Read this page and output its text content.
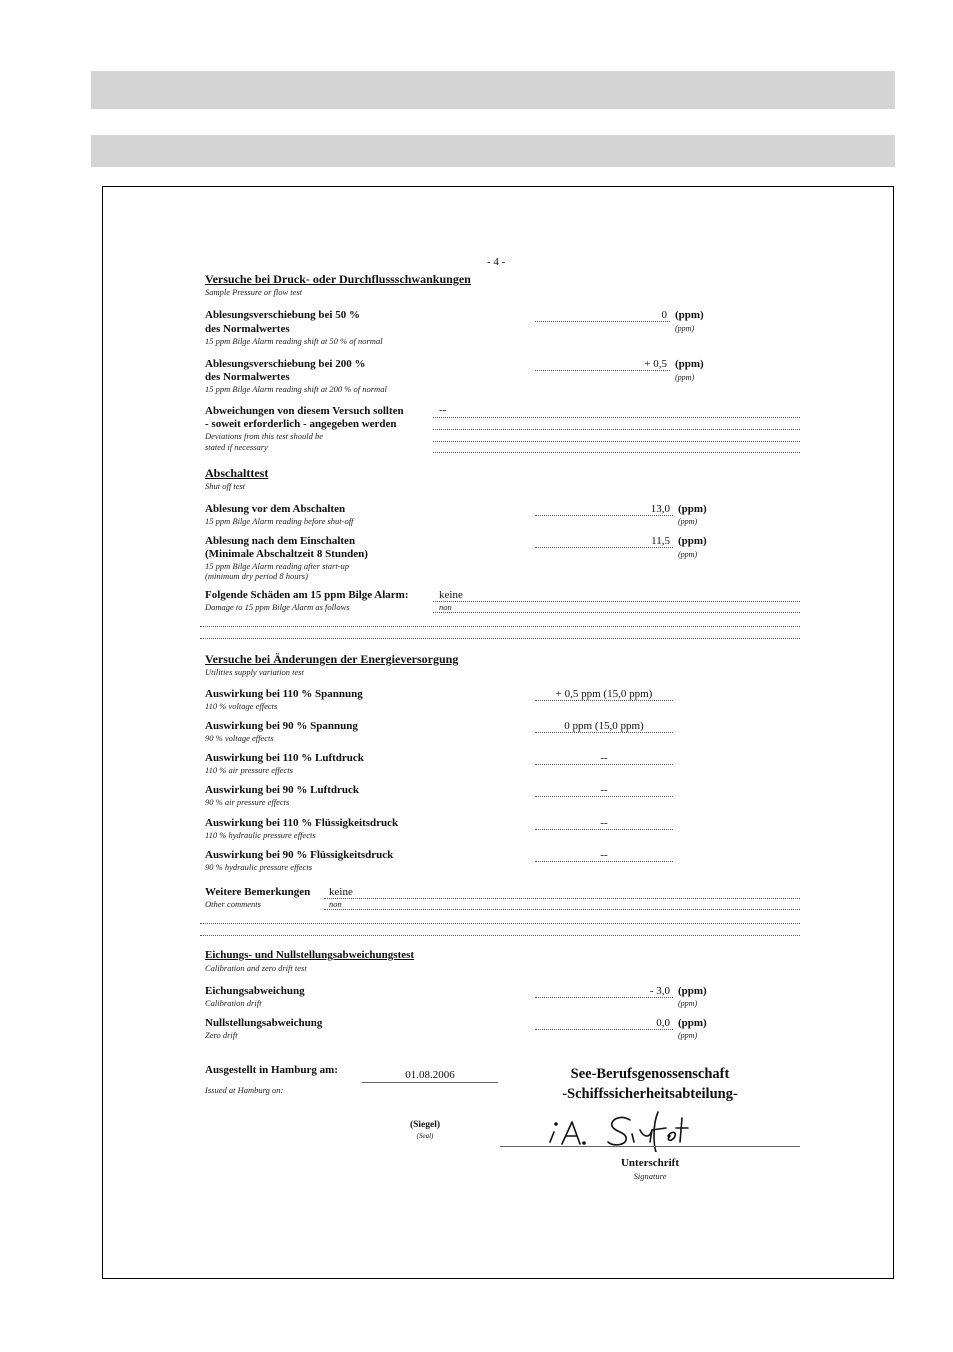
- 4 -
Versuche bei Druck- oder Durchflussschwankungen
Sample Pressure or flow test
Ablesungsverschiebung bei 50 %
des Normalwertes
15 ppm Bilge Alarm reading shift at 50 % of normal
0 (ppm)
(ppm)
Ablesungsverschiebung bei 200 %
des Normalwertes
15 ppm Bilge Alarm reading shift at 200 % of normal
+ 0,5 (ppm)
(ppm)
Abweichungen von diesem Versuch sollten
- soweit erforderlich - angegeben werden
Deviations from this test should be
stated if necessary
--
Abschalttest
Shut off test
Ablesung vor dem Abschalten
15 ppm Bilge Alarm reading before shut-off
13,0 (ppm)
(ppm)
Ablesung nach dem Einschalten
(Minimale Abschaltzeit 8 Stunden)
15 ppm Bilge Alarm reading after start-up
(minimum dry period 8 hours)
11,5 (ppm)
(ppm)
Folgende Schäden am 15 ppm Bilge Alarm:
Damage to 15 ppm Bilge Alarm as follows
keine
non
Versuche bei Änderungen der Energieversorgung
Utilities supply variation test
Auswirkung bei 110 % Spannung
110 % voltage effects
+ 0,5 ppm (15,0 ppm)
Auswirkung bei 90 % Spannung
90 % voltage effects
0 ppm (15,0 ppm)
Auswirkung bei 110 % Luftdruck
110 % air pressure effects
--
Auswirkung bei 90 % Luftdruck
90 % air pressure effects
--
Auswirkung bei 110 % Flüssigkeitsdruck
110 % hydraulic pressure effects
--
Auswirkung bei 90 % Flüssigkeitsdruck
90 % hydraulic pressure effects
--
Weitere Bemerkungen
Other comments
keine
non
Eichungs- und Nullstellungsabweichungstest
Calibration and zero drift test
Eichungsabweichung
Calibration drift
- 3,0 (ppm)
(ppm)
Nullstellungsabweichung
Zero drift
0,0 (ppm)
(ppm)
Ausgestellt in Hamburg am:
Issued at Hamburg on:
01.08.2006	See-Berufsgenossenschaft
-Schiffssicherheitsabteilung-
(Siegel)
(Seal)
Unterschrift
Signature
